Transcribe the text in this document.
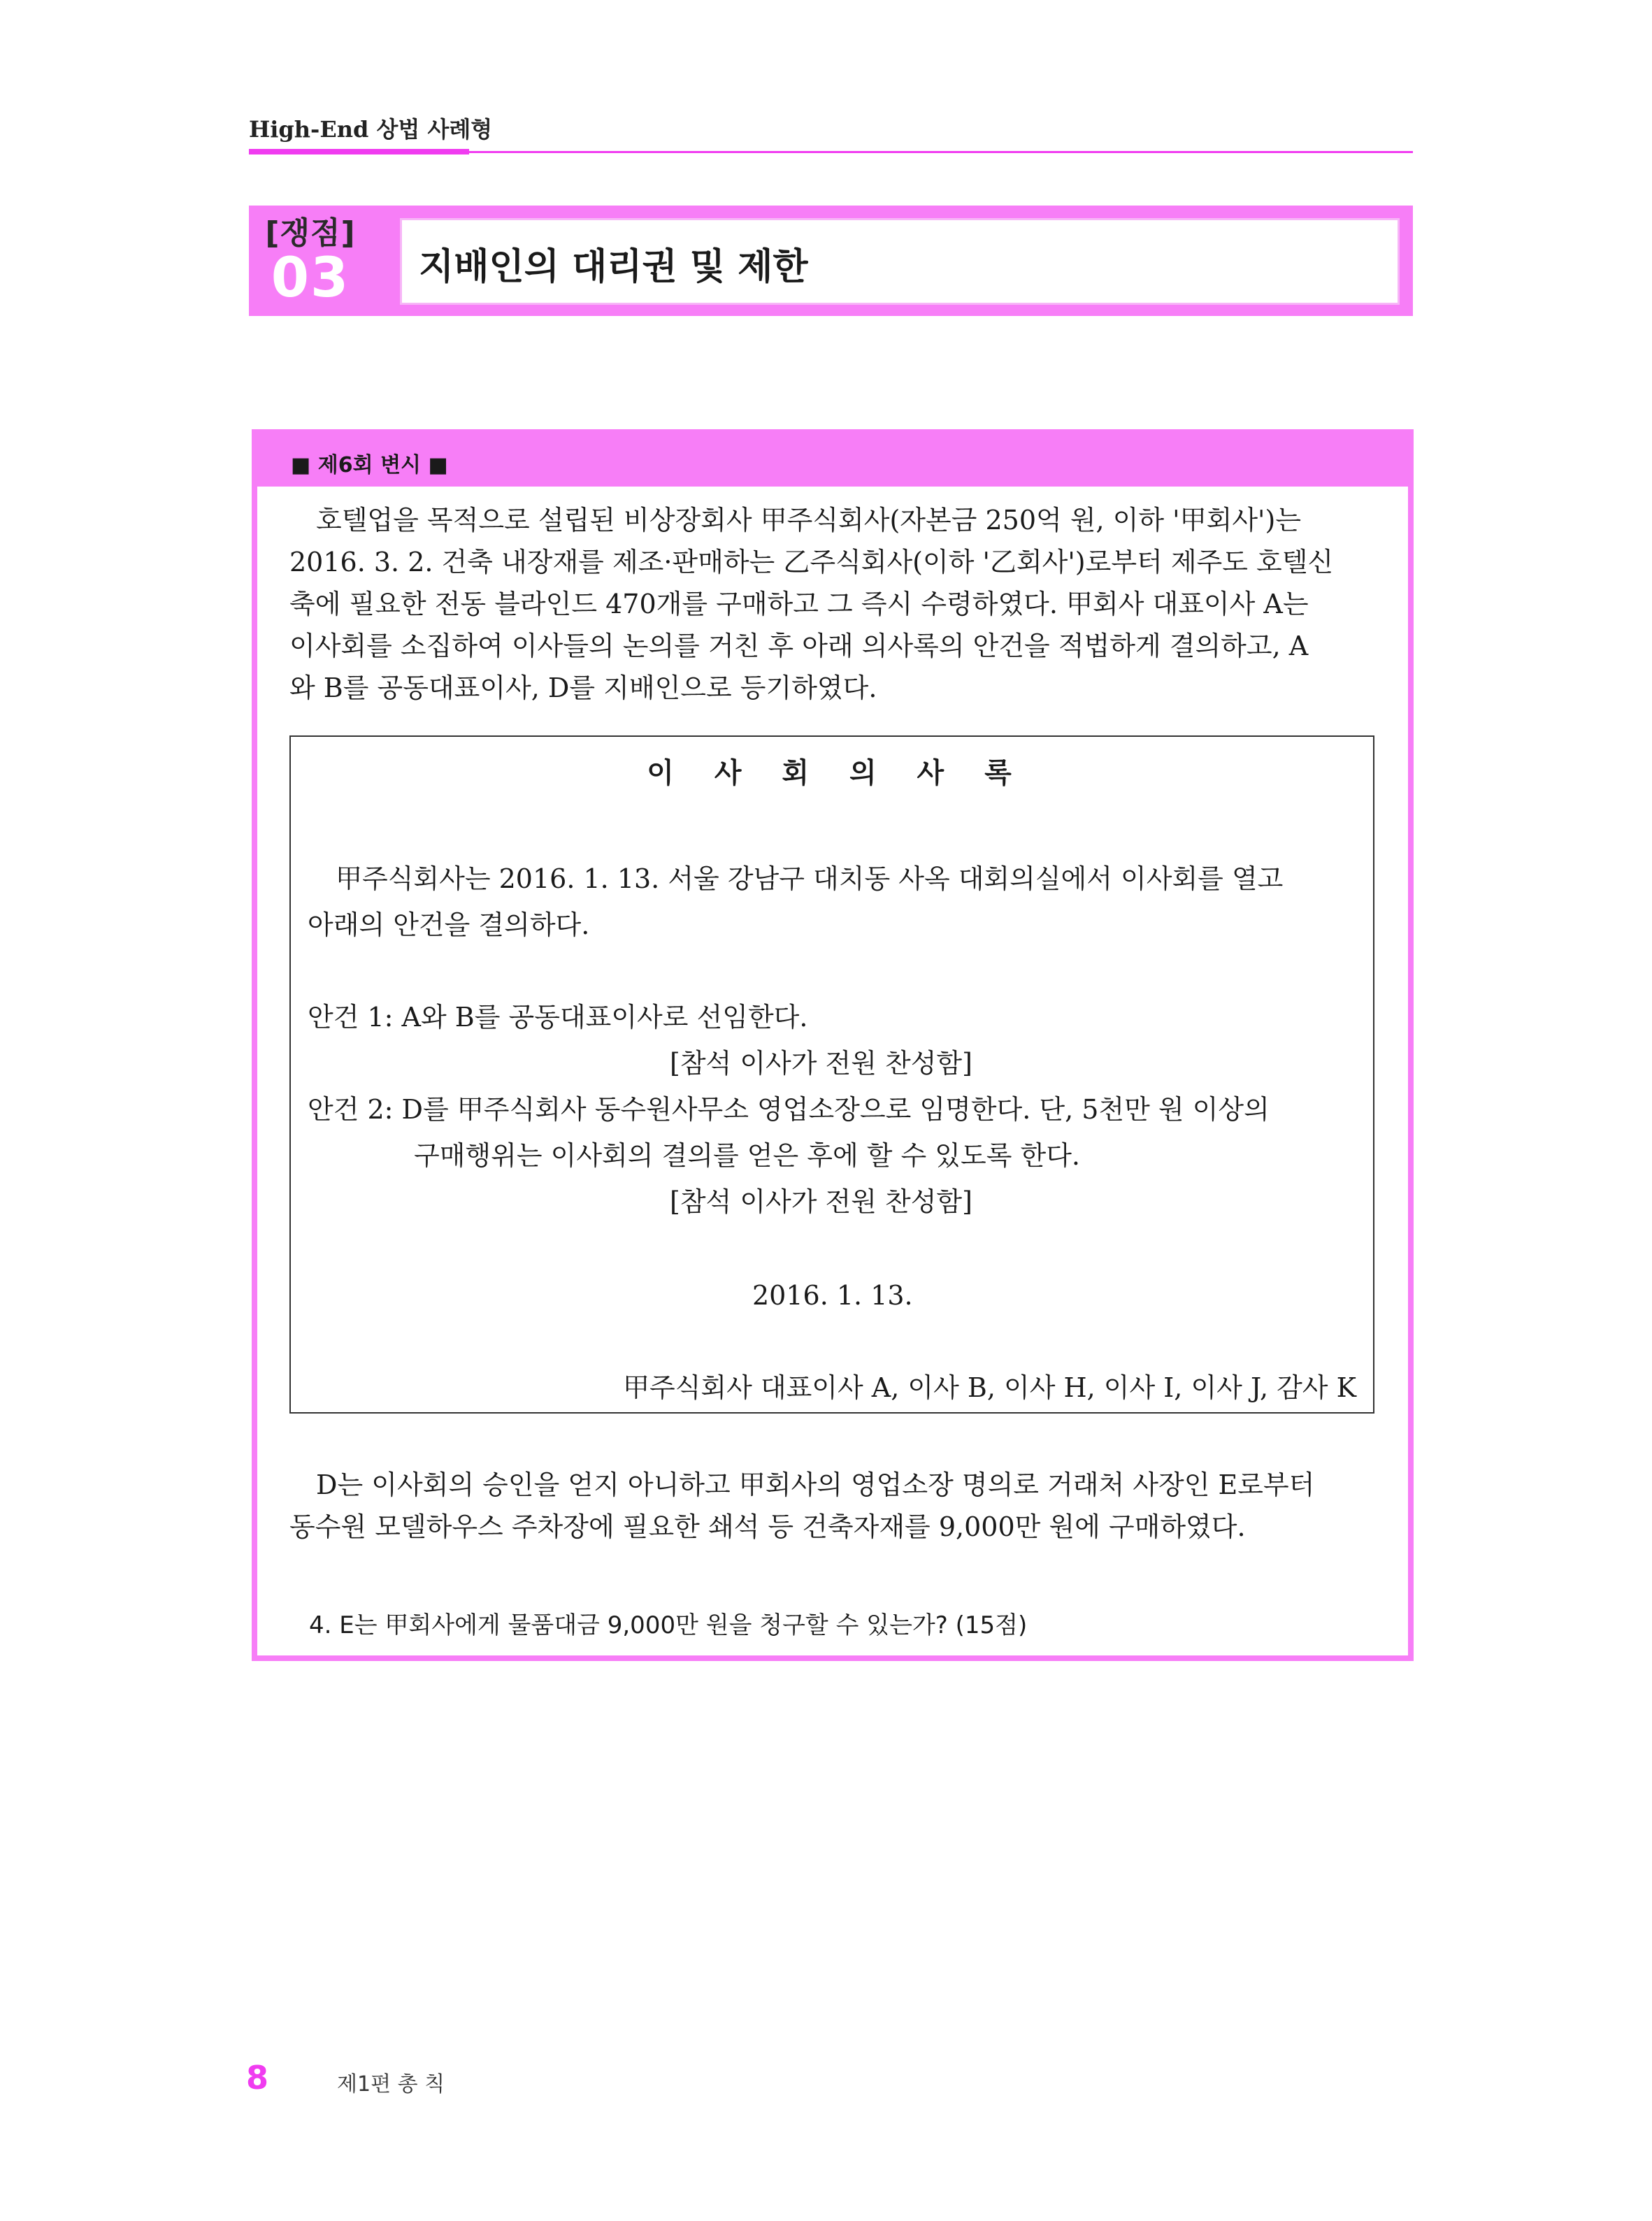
High-End 상법 사례형
[쟁점]
03 지배인의 대리권 및 제한
■ 제6회 변시 ■
호텔업을 목적으로 설립된 비상장회사 甲주식회사(자본금 250억 원, 이하 '甲회사')는
2016. 3. 2. 건축 내장재를 제조·판매하는 乙주식회사(이하 '乙회사')로부터 제주도 호텔신
축에 필요한 전동 블라인드 470개를 구매하고 그 즉시 수령하였다. 甲회사 대표이사 A는
이사회를 소집하여 이사들의 논의를 거친 후 아래 의사록의 안건을 적법하게 결의하고, A
와 B를 공동대표이사, D를 지배인으로 등기하였다.
이 사 회 의 사 록
甲주식회사는 2016. 1. 13. 서울 강남구 대치동 사옥 대회의실에서 이사회를 열고
아래의 안건을 결의하다.
안건 1: A와 B를 공동대표이사로 선임한다.
[참석 이사가 전원 찬성함]
안건 2: D를 甲주식회사 동수원사무소 영업소장으로 임명한다. 단, 5천만 원 이상의
구매행위는 이사회의 결의를 얻은 후에 할 수 있도록 한다.
[참석 이사가 전원 찬성함]
2016. 1. 13.
甲주식회사 대표이사 A, 이사 B, 이사 H, 이사 I, 이사 J, 감사 K
D는 이사회의 승인을 얻지 아니하고 甲회사의 영업소장 명의로 거래처 사장인 E로부터
동수원 모델하우스 주차장에 필요한 쇄석 등 건축자재를 9,000만 원에 구매하였다.
4. E는 甲회사에게 물품대금 9,000만 원을 청구할 수 있는가? (15점)
8	제1편 총 칙
